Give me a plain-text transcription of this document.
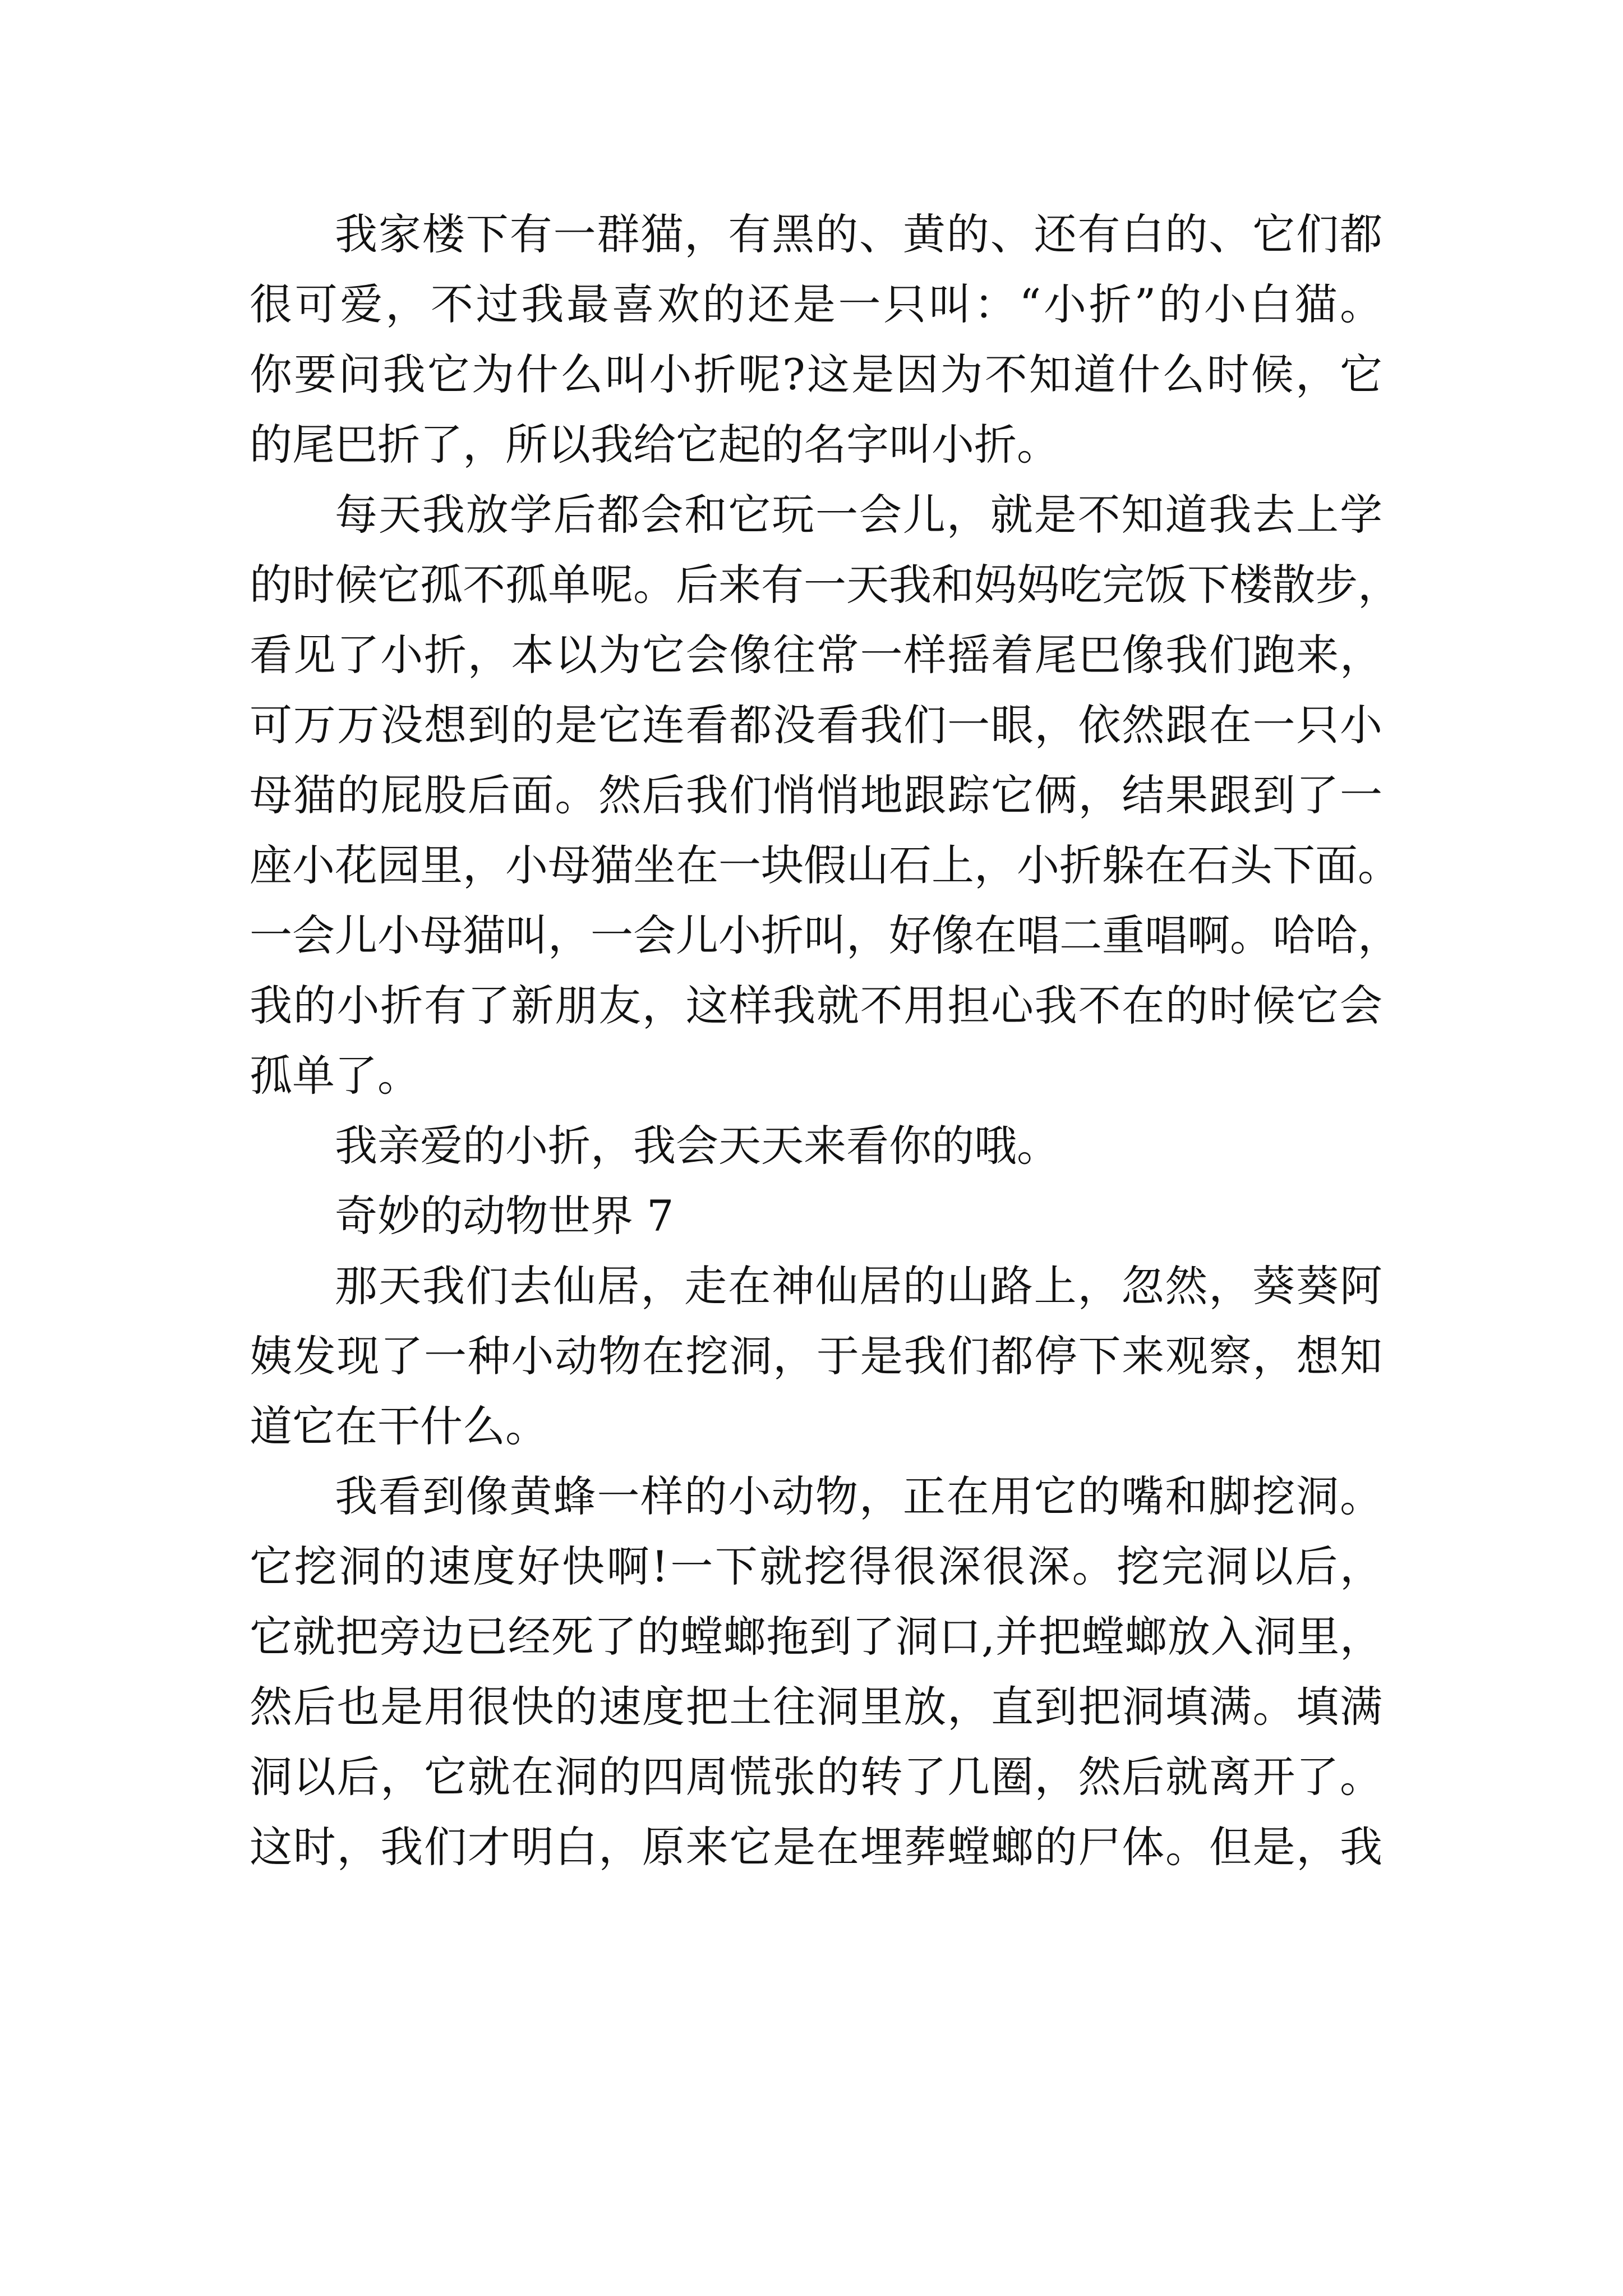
我家楼下有一群猫，有黑的、黄的、还有白的、它们都
很可爱，不过我最喜欢的还是一只叫：“小折”的小白猫。
你要问我它为什么叫小折呢?这是因为不知道什么时候，它
的尾巴折了，所以我给它起的名字叫小折。
每天我放学后都会和它玩一会儿，就是不知道我去上学
的时候它孤不孤单呢。后来有一天我和妈妈吃完饭下楼散步，
看见了小折，本以为它会像往常一样摇着尾巴像我们跑来，
可万万没想到的是它连看都没看我们一眼，依然跟在一只小
母猫的屁股后面。然后我们悄悄地跟踪它俩，结果跟到了一
座小花园里，小母猫坐在一块假山石上，小折躲在石头下面。
一会儿小母猫叫，一会儿小折叫，好像在唱二重唱啊。哈哈，
我的小折有了新朋友，这样我就不用担心我不在的时候它会
孤单了。
我亲爱的小折，我会天天来看你的哦。
奇妙的动物世界 7
那天我们去仙居，走在神仙居的山路上，忽然，葵葵阿
姨发现了一种小动物在挖洞，于是我们都停下来观察，想知
道它在干什么。
我看到像黄蜂一样的小动物，正在用它的嘴和脚挖洞。
它挖洞的速度好快啊!一下就挖得很深很深。挖完洞以后，
它就把旁边已经死了的螳螂拖到了洞口,并把螳螂放入洞里，
然后也是用很快的速度把土往洞里放，直到把洞填满。填满
洞以后，它就在洞的四周慌张的转了几圈，然后就离开了。
这时，我们才明白，原来它是在埋葬螳螂的尸体。但是，我
